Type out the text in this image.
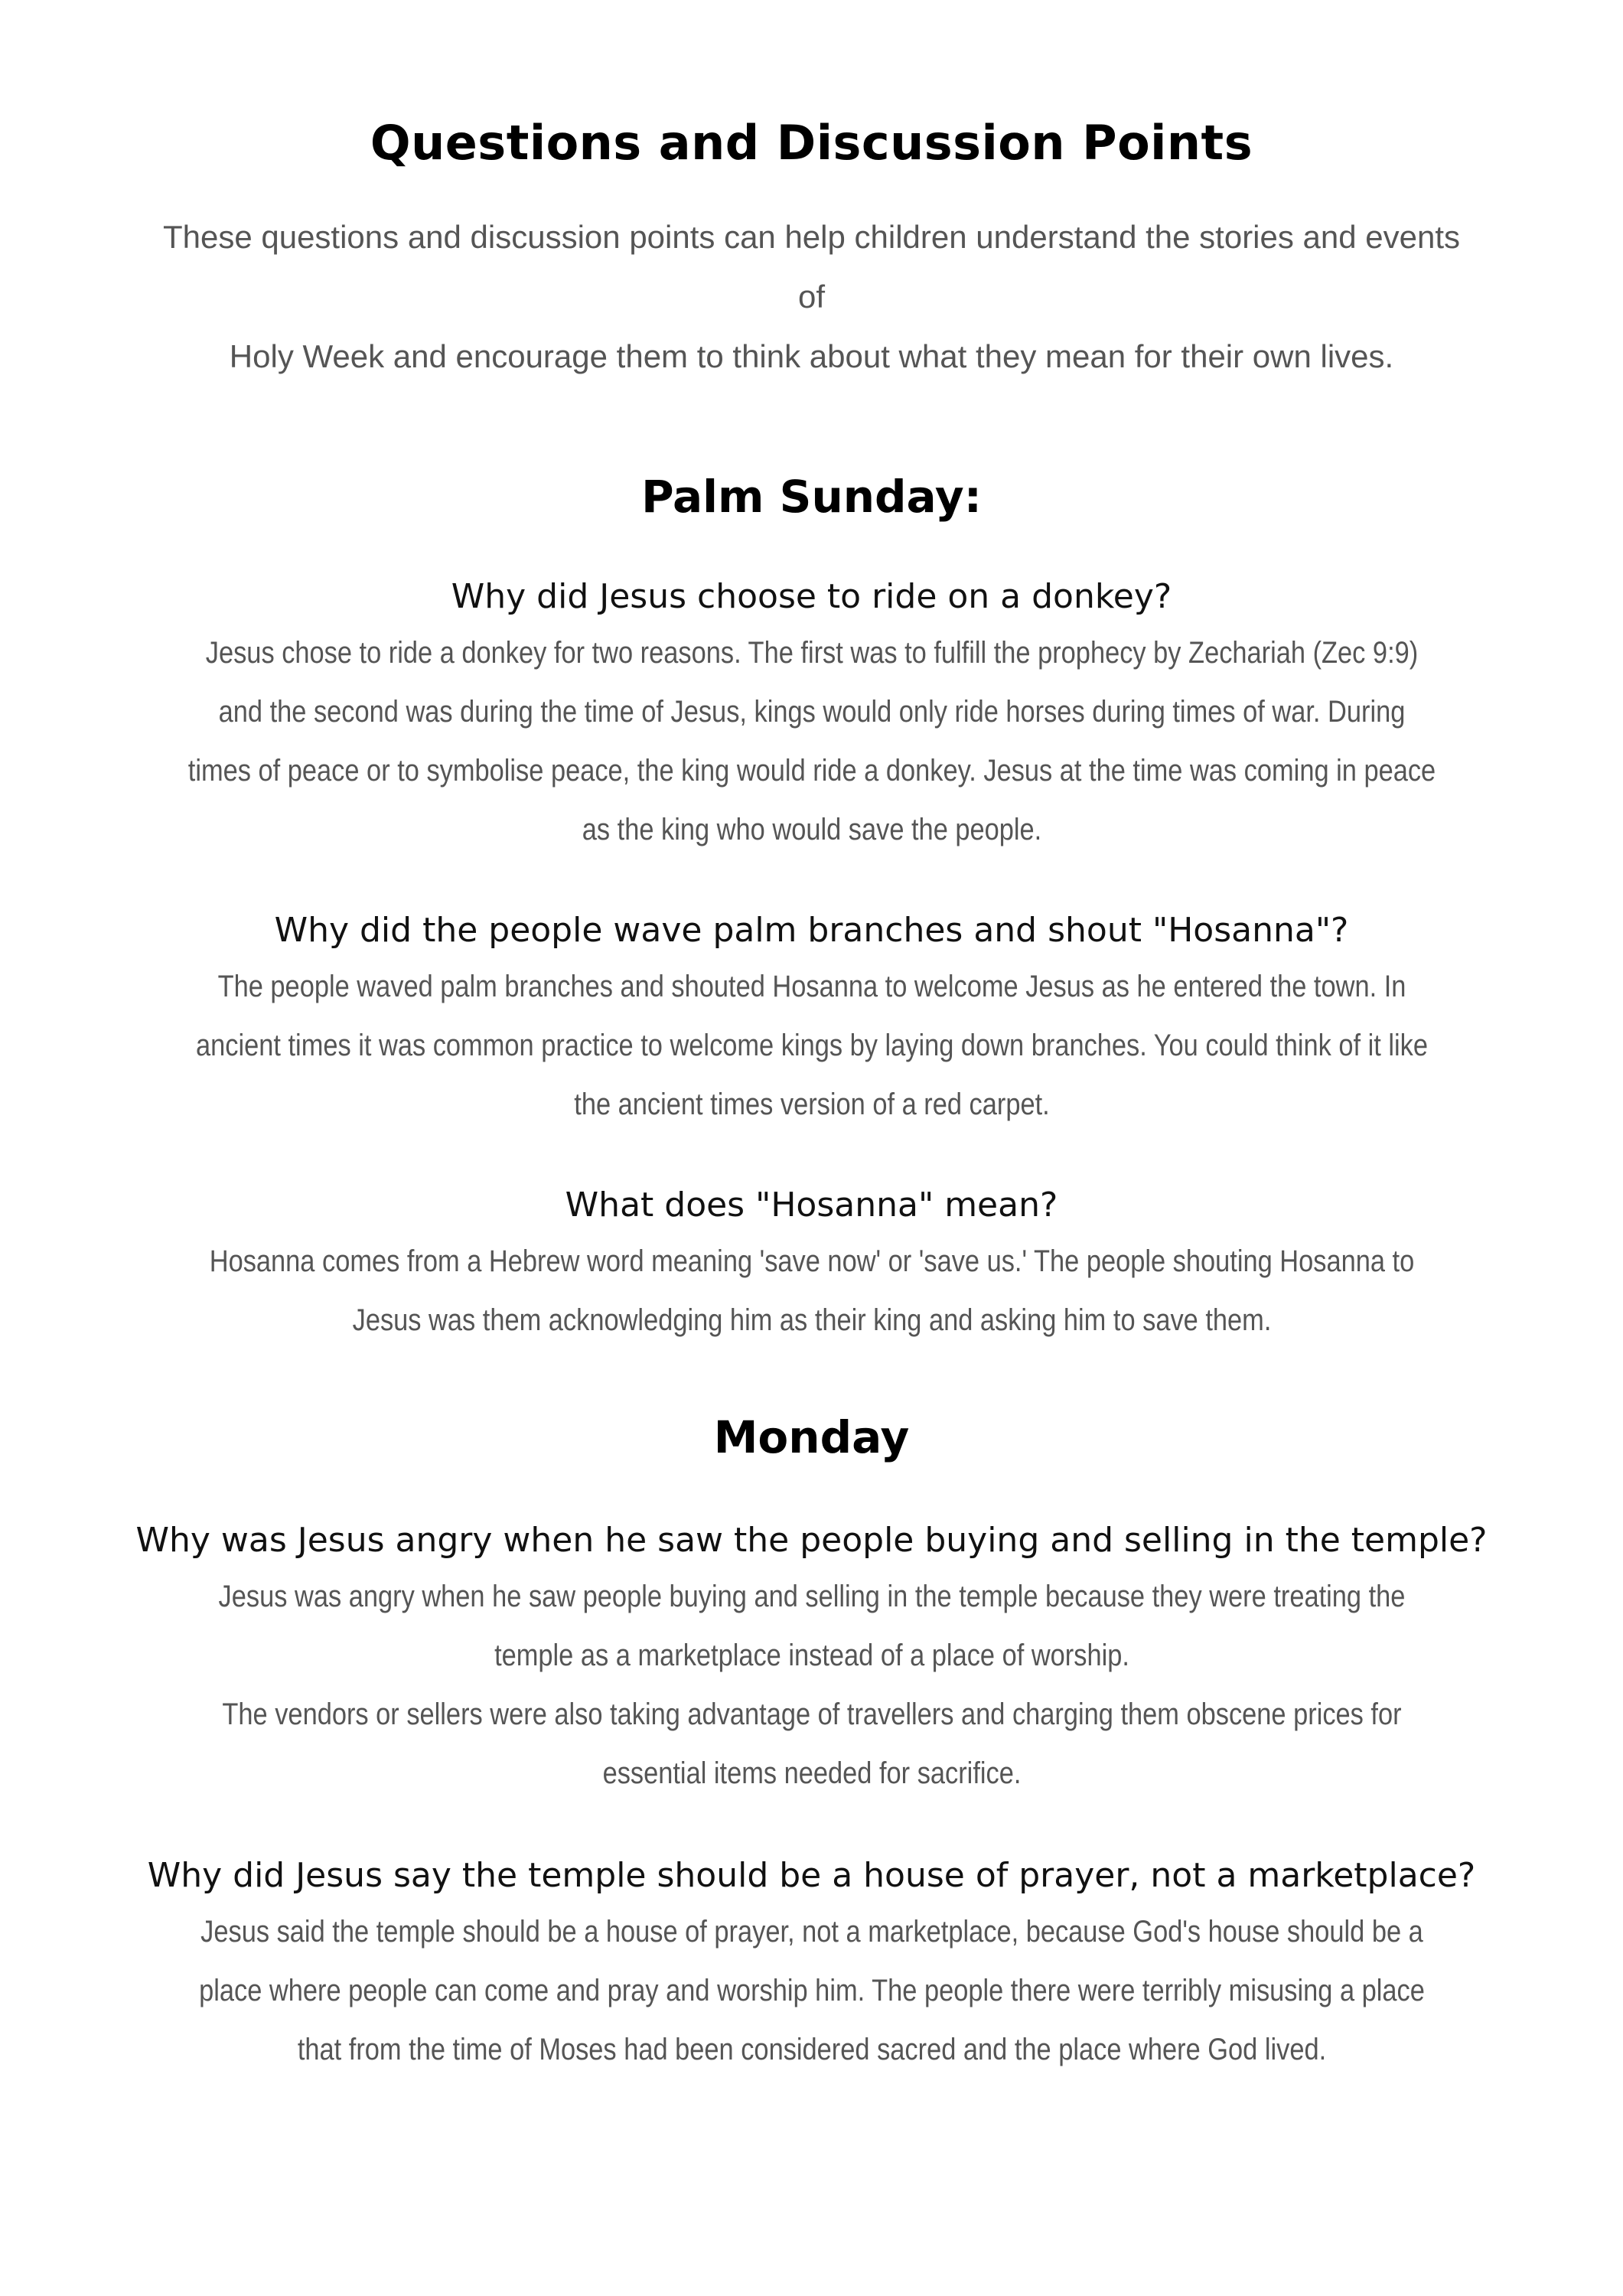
Questions and Discussion Points
These questions and discussion points can help children understand the stories and events of
Holy Week and encourage them to think about what they mean for their own lives.
Palm Sunday:

Why did Jesus choose to ride on a donkey?

Jesus chose to ride a donkey for two reasons. The first was to fulfill the prophecy by Zechariah (Zec 9:9) and the second was during the time of Jesus, kings would only ride horses during times of war. During times of peace or to symbolise peace, the king would ride a donkey. Jesus at the time was coming in peace as the king who would save the people.

Why did the people wave palm branches and shout "Hosanna"?

The people waved palm branches and shouted Hosanna to welcome Jesus as he entered the town. In ancient times it was common practice to welcome kings by laying down branches. You could think of it like the ancient times version of a red carpet.

What does "Hosanna" mean?

Hosanna comes from a Hebrew word meaning 'save now' or 'save us.' The people shouting Hosanna to Jesus was them acknowledging him as their king and asking him to save them.

Monday

Why was Jesus angry when he saw the people buying and selling in the temple?

Jesus was angry when he saw people buying and selling in the temple because they were treating the temple as a marketplace instead of a place of worship.

The vendors or sellers were also taking advantage of travellers and charging them obscene prices for essential items needed for sacrifice.

Why did Jesus say the temple should be a house of prayer, not a marketplace?

Jesus said the temple should be a house of prayer, not a marketplace, because God's house should be a place where people can come and pray and worship him. The people there were terribly misusing a place that from the time of Moses had been considered sacred and the place where God lived.
